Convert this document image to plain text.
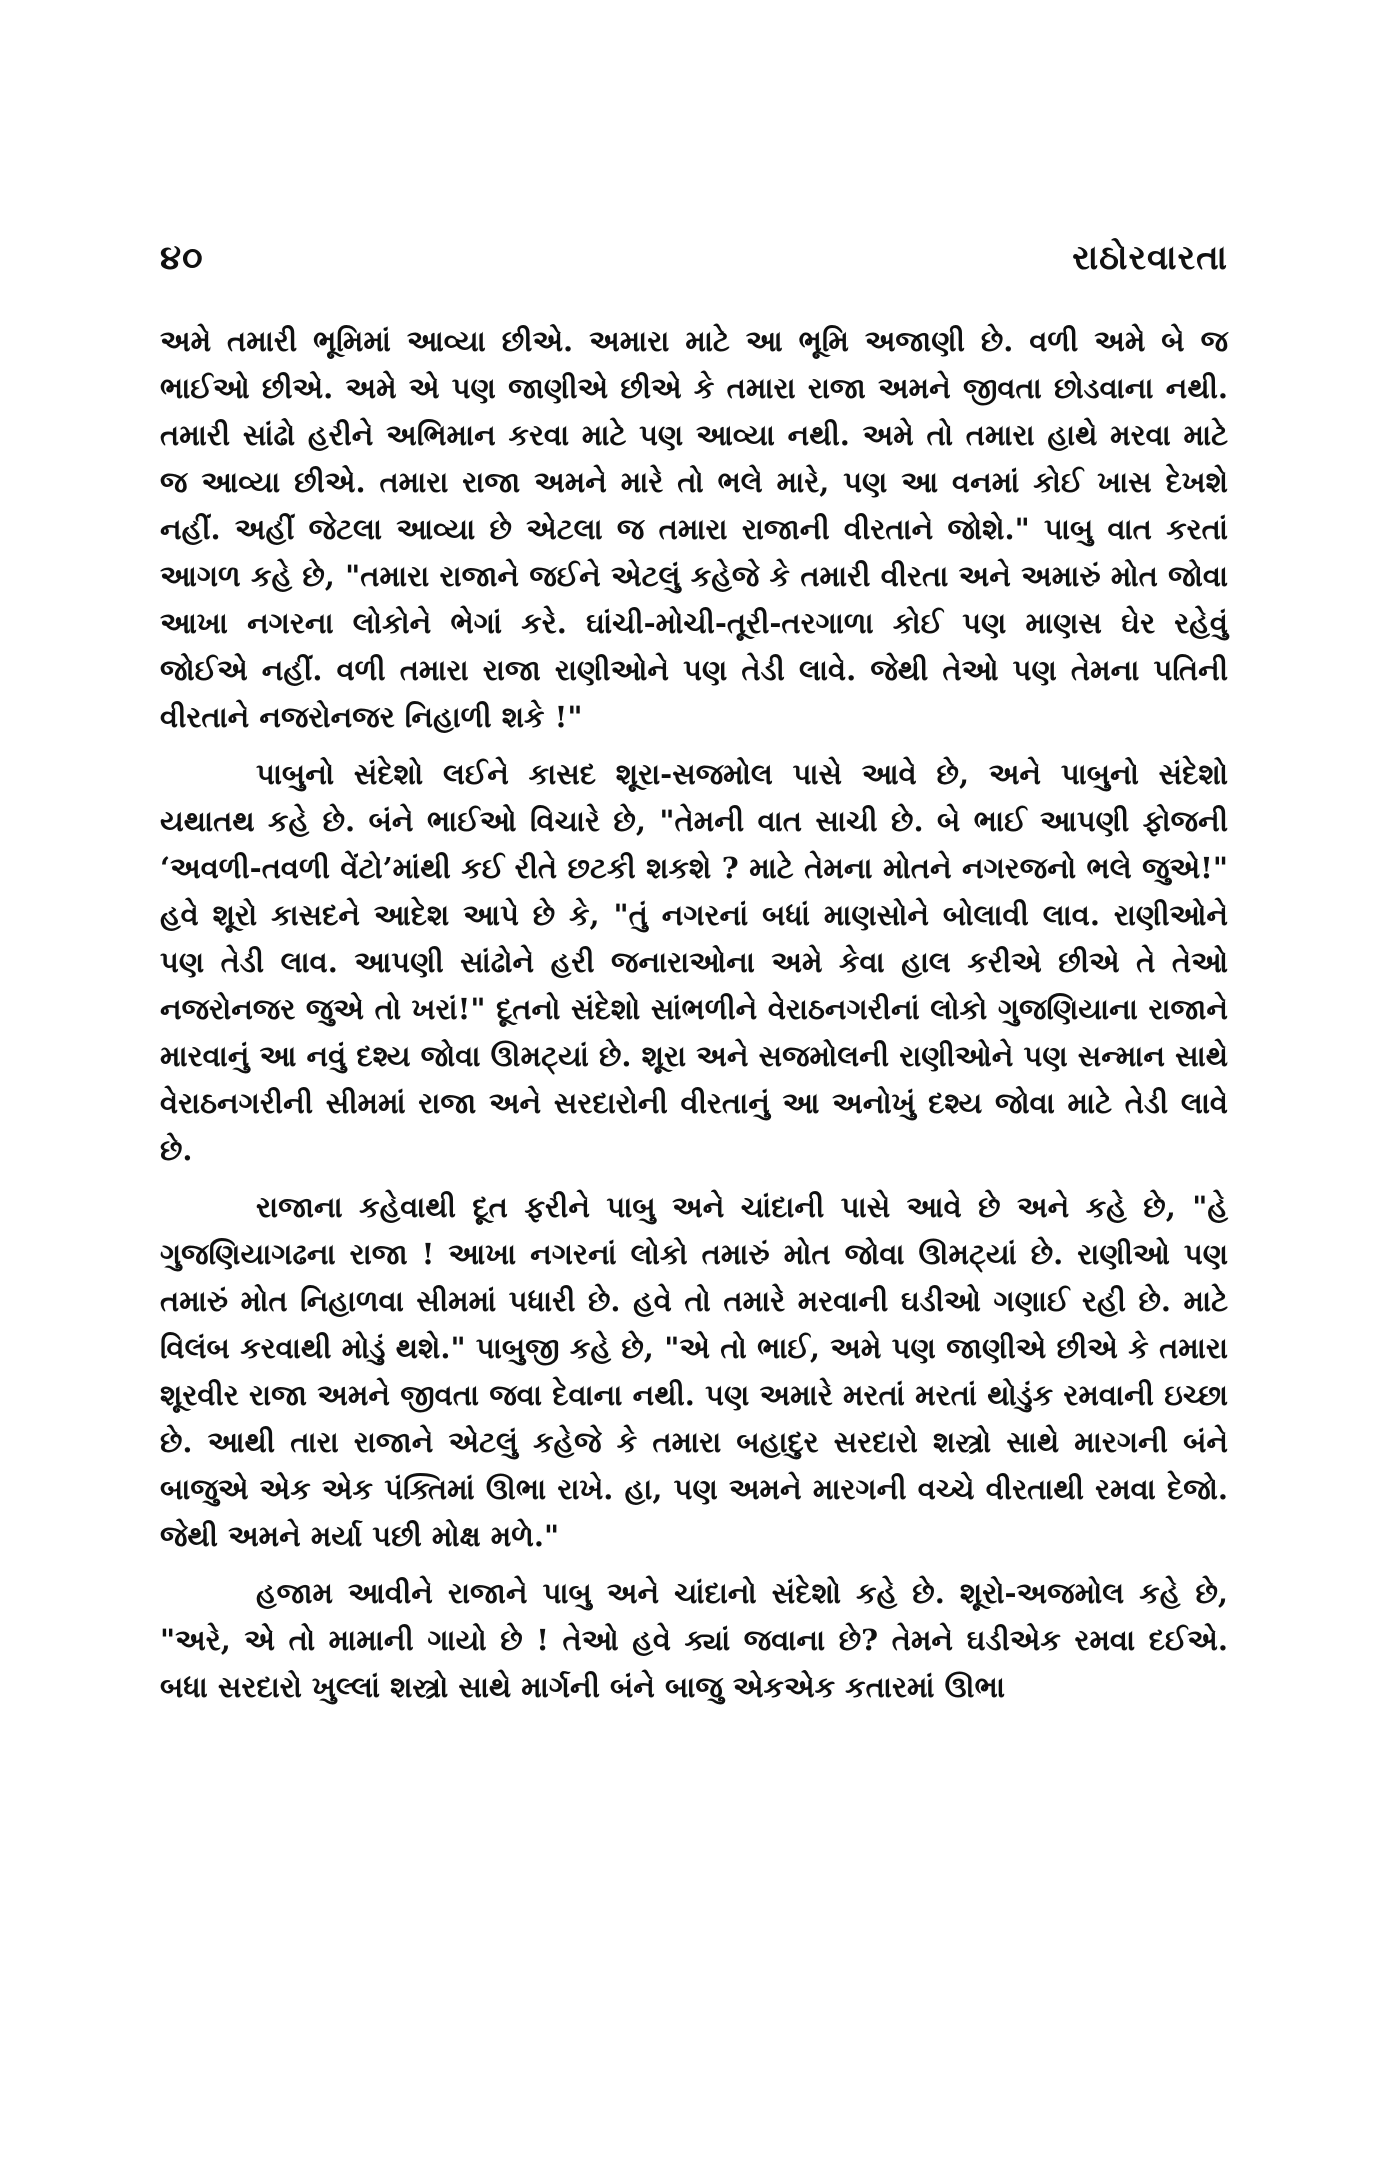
૪૦	રાઠોરવારતા

અમે તમારી ભૂમિમાં આવ્યા છીએ. અમારા માટે આ ભૂમિ અજાણી છે. વળી અમે બે જ ભાઈઓ છીએ. અમે એ પણ જાણીએ છીએ કે તમારા રાજા અમને જીવતા છોડવાના નથી. તમારી સાંઢો હરીને અભિમાન કરવા માટે પણ આવ્યા નથી. અમે તો તમારા હાથે મરવા માટે જ આવ્યા છીએ. તમારા રાજા અમને મારે તો ભલે મારે, પણ આ વનમાં કોઈ ખાસ દેખશે નહીં. અહીં જેટલા આવ્યા છે એટલા જ તમારા રાજાની વીરતાને જોશે." પાબુ વાત કરતાં આગળ કહે છે, "તમારા રાજાને જઈને એટલું કહેજે કે તમારી વીરતા અને અમારું મોત જોવા આખા નગરના લોકોને ભેગાં કરે. ઘાંચી-મોચી-તૂરી-તરગાળા કોઈ પણ માણસ ઘેર રહેવું જોઈએ નહીં. વળી તમારા રાજા રાણીઓને પણ તેડી લાવે. જેથી તેઓ પણ તેમના પતિની વીરતાને નજરોનજર નિહાળી શકે !"

પાબુનો સંદેશો લઈને કાસદ શૂરા-સજમોલ પાસે આવે છે, અને પાબુનો સંદેશો યથાતથ કહે છે. બંને ભાઈઓ વિચારે છે, "તેમની વાત સાચી છે. બે ભાઈ આપણી ફોજની ‘અવળી-તવળી વેંટો’માંથી કઈ રીતે છટકી શકશે ? માટે તેમના મોતને નગરજનો ભલે જુએ!" હવે શૂરો કાસદને આદેશ આપે છે કે, "તું નગરનાં બધાં માણસોને બોલાવી લાવ. રાણીઓને પણ તેડી લાવ. આપણી સાંઢોને હરી જનારાઓના અમે કેવા હાલ કરીએ છીએ તે તેઓ નજરોનજર જુએ તો ખરાં!" દૂતનો સંદેશો સાંભળીને વેરાઠનગરીનાં લોકો ગુજણિયાના રાજાને મારવાનું આ નવું દશ્ય જોવા ઊમટ્યાં છે. શૂરા અને સજમોલની રાણીઓને પણ સન્માન સાથે વેરાઠનગરીની સીમમાં રાજા અને સરદારોની વીરતાનું આ અનોખું દશ્ય જોવા માટે તેડી લાવે છે.

રાજાના કહેવાથી દૂત ફરીને પાબુ અને ચાંદાની પાસે આવે છે અને કહે છે, "હે ગુજણિયાગઢના રાજા ! આખા નગરનાં લોકો તમારું મોત જોવા ઊમટ્યાં છે. રાણીઓ પણ તમારું મોત નિહાળવા સીમમાં પધારી છે. હવે તો તમારે મરવાની ઘડીઓ ગણાઈ રહી છે. માટે વિલંબ કરવાથી મોડું થશે." પાબુજી કહે છે, "એ તો ભાઈ, અમે પણ જાણીએ છીએ કે તમારા શૂરવીર રાજા અમને જીવતા જવા દેવાના નથી. પણ અમારે મરતાં મરતાં થોડુંક રમવાની ઇચ્છા છે. આથી તારા રાજાને એટલું કહેજે કે તમારા બહાદુર સરદારો શસ્ત્રો સાથે મારગની બંને બાજુએ એક એક પંક્તિમાં ઊભા રાખે. હા, પણ અમને મારગની વચ્ચે વીરતાથી રમવા દેજો. જેથી અમને મર્યા પછી મોક્ષ મળે."

હજામ આવીને રાજાને પાબુ અને ચાંદાનો સંદેશો કહે છે. શૂરો-અજમોલ કહે છે, "અરે, એ તો મામાની ગાયો છે ! તેઓ હવે ક્યાં જવાના છે? તેમને ઘડીએક રમવા દઈએ. બધા સરદારો ખુલ્લાં શસ્ત્રો સાથે માર્ગની બંને બાજુ એકએક કતારમાં ઊભા
